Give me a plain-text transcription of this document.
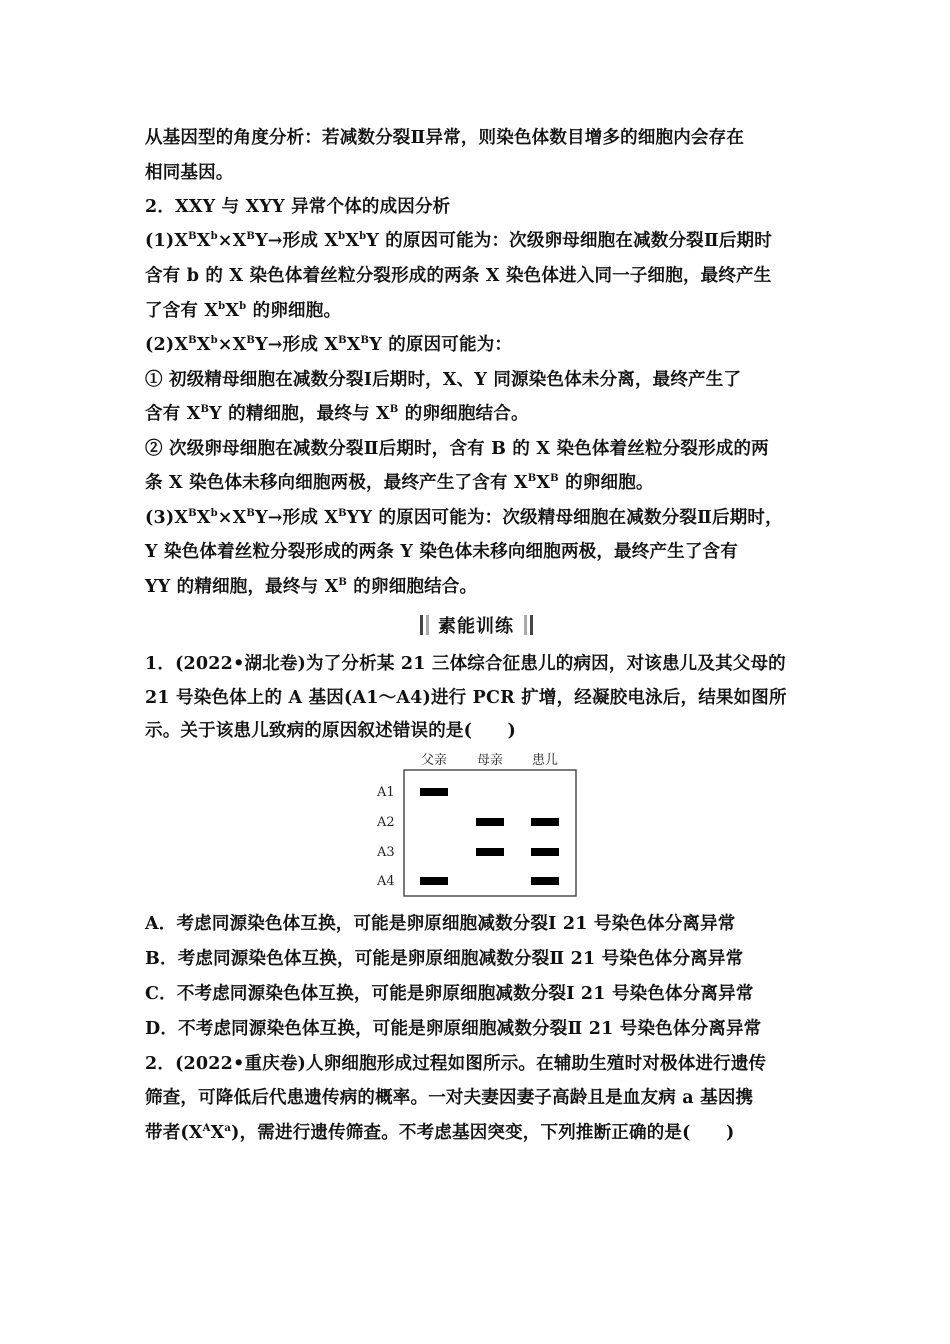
从基因型的角度分析：若减数分裂Ⅱ异常，则染色体数目增多的细胞内会存在
相同基因。
2．XXY 与 XYY 异常个体的成因分析
$(1)X^BX^b\times X^BY\to$形成 $X^bX^bY$ 的原因可能为：次级卵母细胞在减数分裂Ⅱ后期时
含有 b 的 X 染色体着丝粒分裂形成的两条 X 染色体进入同一子细胞，最终产生
了含有 $X^bX^b$ 的卵细胞。
$(2)X^BX^b\times X^BY\to$形成 $X^BX^BY$ 的原因可能为：
① 初级精母细胞在减数分裂Ⅰ后期时，X、Y 同源染色体未分离，最终产生了
含有 $X^BY$ 的精细胞，最终与 $X^B$ 的卵细胞结合。
② 次级卵母细胞在减数分裂Ⅱ后期时，含有 B 的 X 染色体着丝粒分裂形成的两
条 X 染色体未移向细胞两极，最终产生了含有 $X^BX^B$ 的卵细胞。
$(3)X^BX^b\times X^BY\to$形成 $X^BYY$ 的原因可能为：次级精母细胞在减数分裂Ⅱ后期时，
Y 染色体着丝粒分裂形成的两条 Y 染色体未移向细胞两极，最终产生了含有
YY 的精细胞，最终与 $X^B$ 的卵细胞结合。
素能训练
1．(2022•湖北卷)为了分析某 21 三体综合征患儿的病因，对该患儿及其父母的
21 号染色体上的 A 基因(A1～A4)进行 PCR 扩增，经凝胶电泳后，结果如图所
示。关于该患儿致病的原因叙述错误的是(　　)
父亲 母亲 患儿
A1
A2
A3
A4
A．考虑同源染色体互换，可能是卵原细胞减数分裂Ⅰ 21 号染色体分离异常
B．考虑同源染色体互换，可能是卵原细胞减数分裂Ⅱ 21 号染色体分离异常
C．不考虑同源染色体互换，可能是卵原细胞减数分裂Ⅰ 21 号染色体分离异常
D．不考虑同源染色体互换，可能是卵原细胞减数分裂Ⅱ 21 号染色体分离异常
2．(2022•重庆卷)人卵细胞形成过程如图所示。在辅助生殖时对极体进行遗传
筛查，可降低后代患遗传病的概率。一对夫妻因妻子高龄且是血友病 a 基因携
带者$(X^AX^a)$，需进行遗传筛查。不考虑基因突变，下列推断正确的是(　　)
